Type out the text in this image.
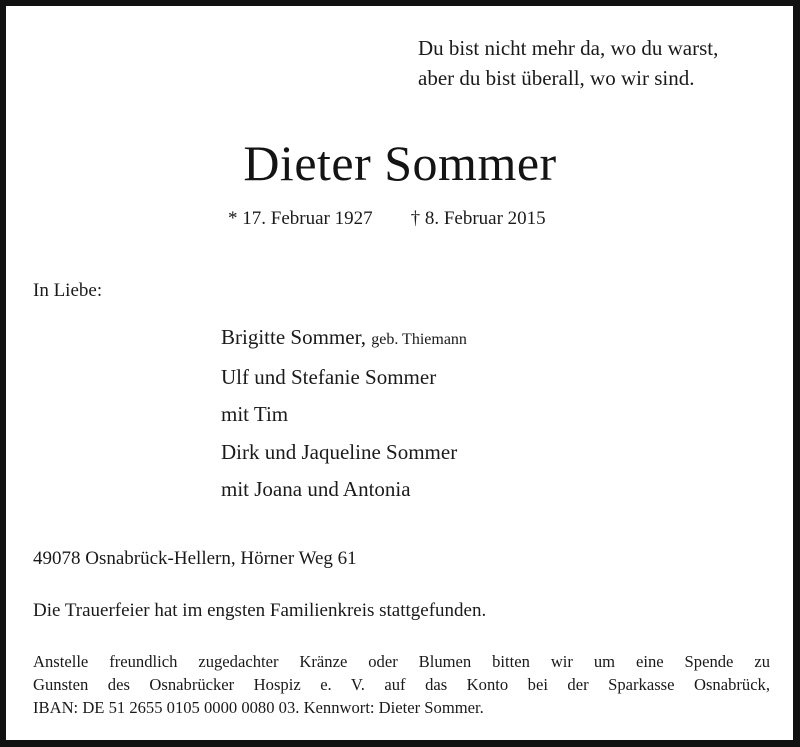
Du bist nicht mehr da, wo du warst,
aber du bist überall, wo wir sind.
Dieter Sommer
* 17. Februar 1927 † 8. Februar 2015
In Liebe:
Brigitte Sommer, geb. Thiemann
Ulf und Stefanie Sommer
mit Tim
Dirk und Jaqueline Sommer
mit Joana und Antonia
49078 Osnabrück-Hellern, Hörner Weg 61
Die Trauerfeier hat im engsten Familienkreis stattgefunden.
Anstelle freundlich zugedachter Kränze oder Blumen bitten wir um eine Spende zu
Gunsten des Osnabrücker Hospiz e. V. auf das Konto bei der Sparkasse Osnabrück,
IBAN: DE 51 2655 0105 0000 0080 03. Kennwort: Dieter Sommer.
